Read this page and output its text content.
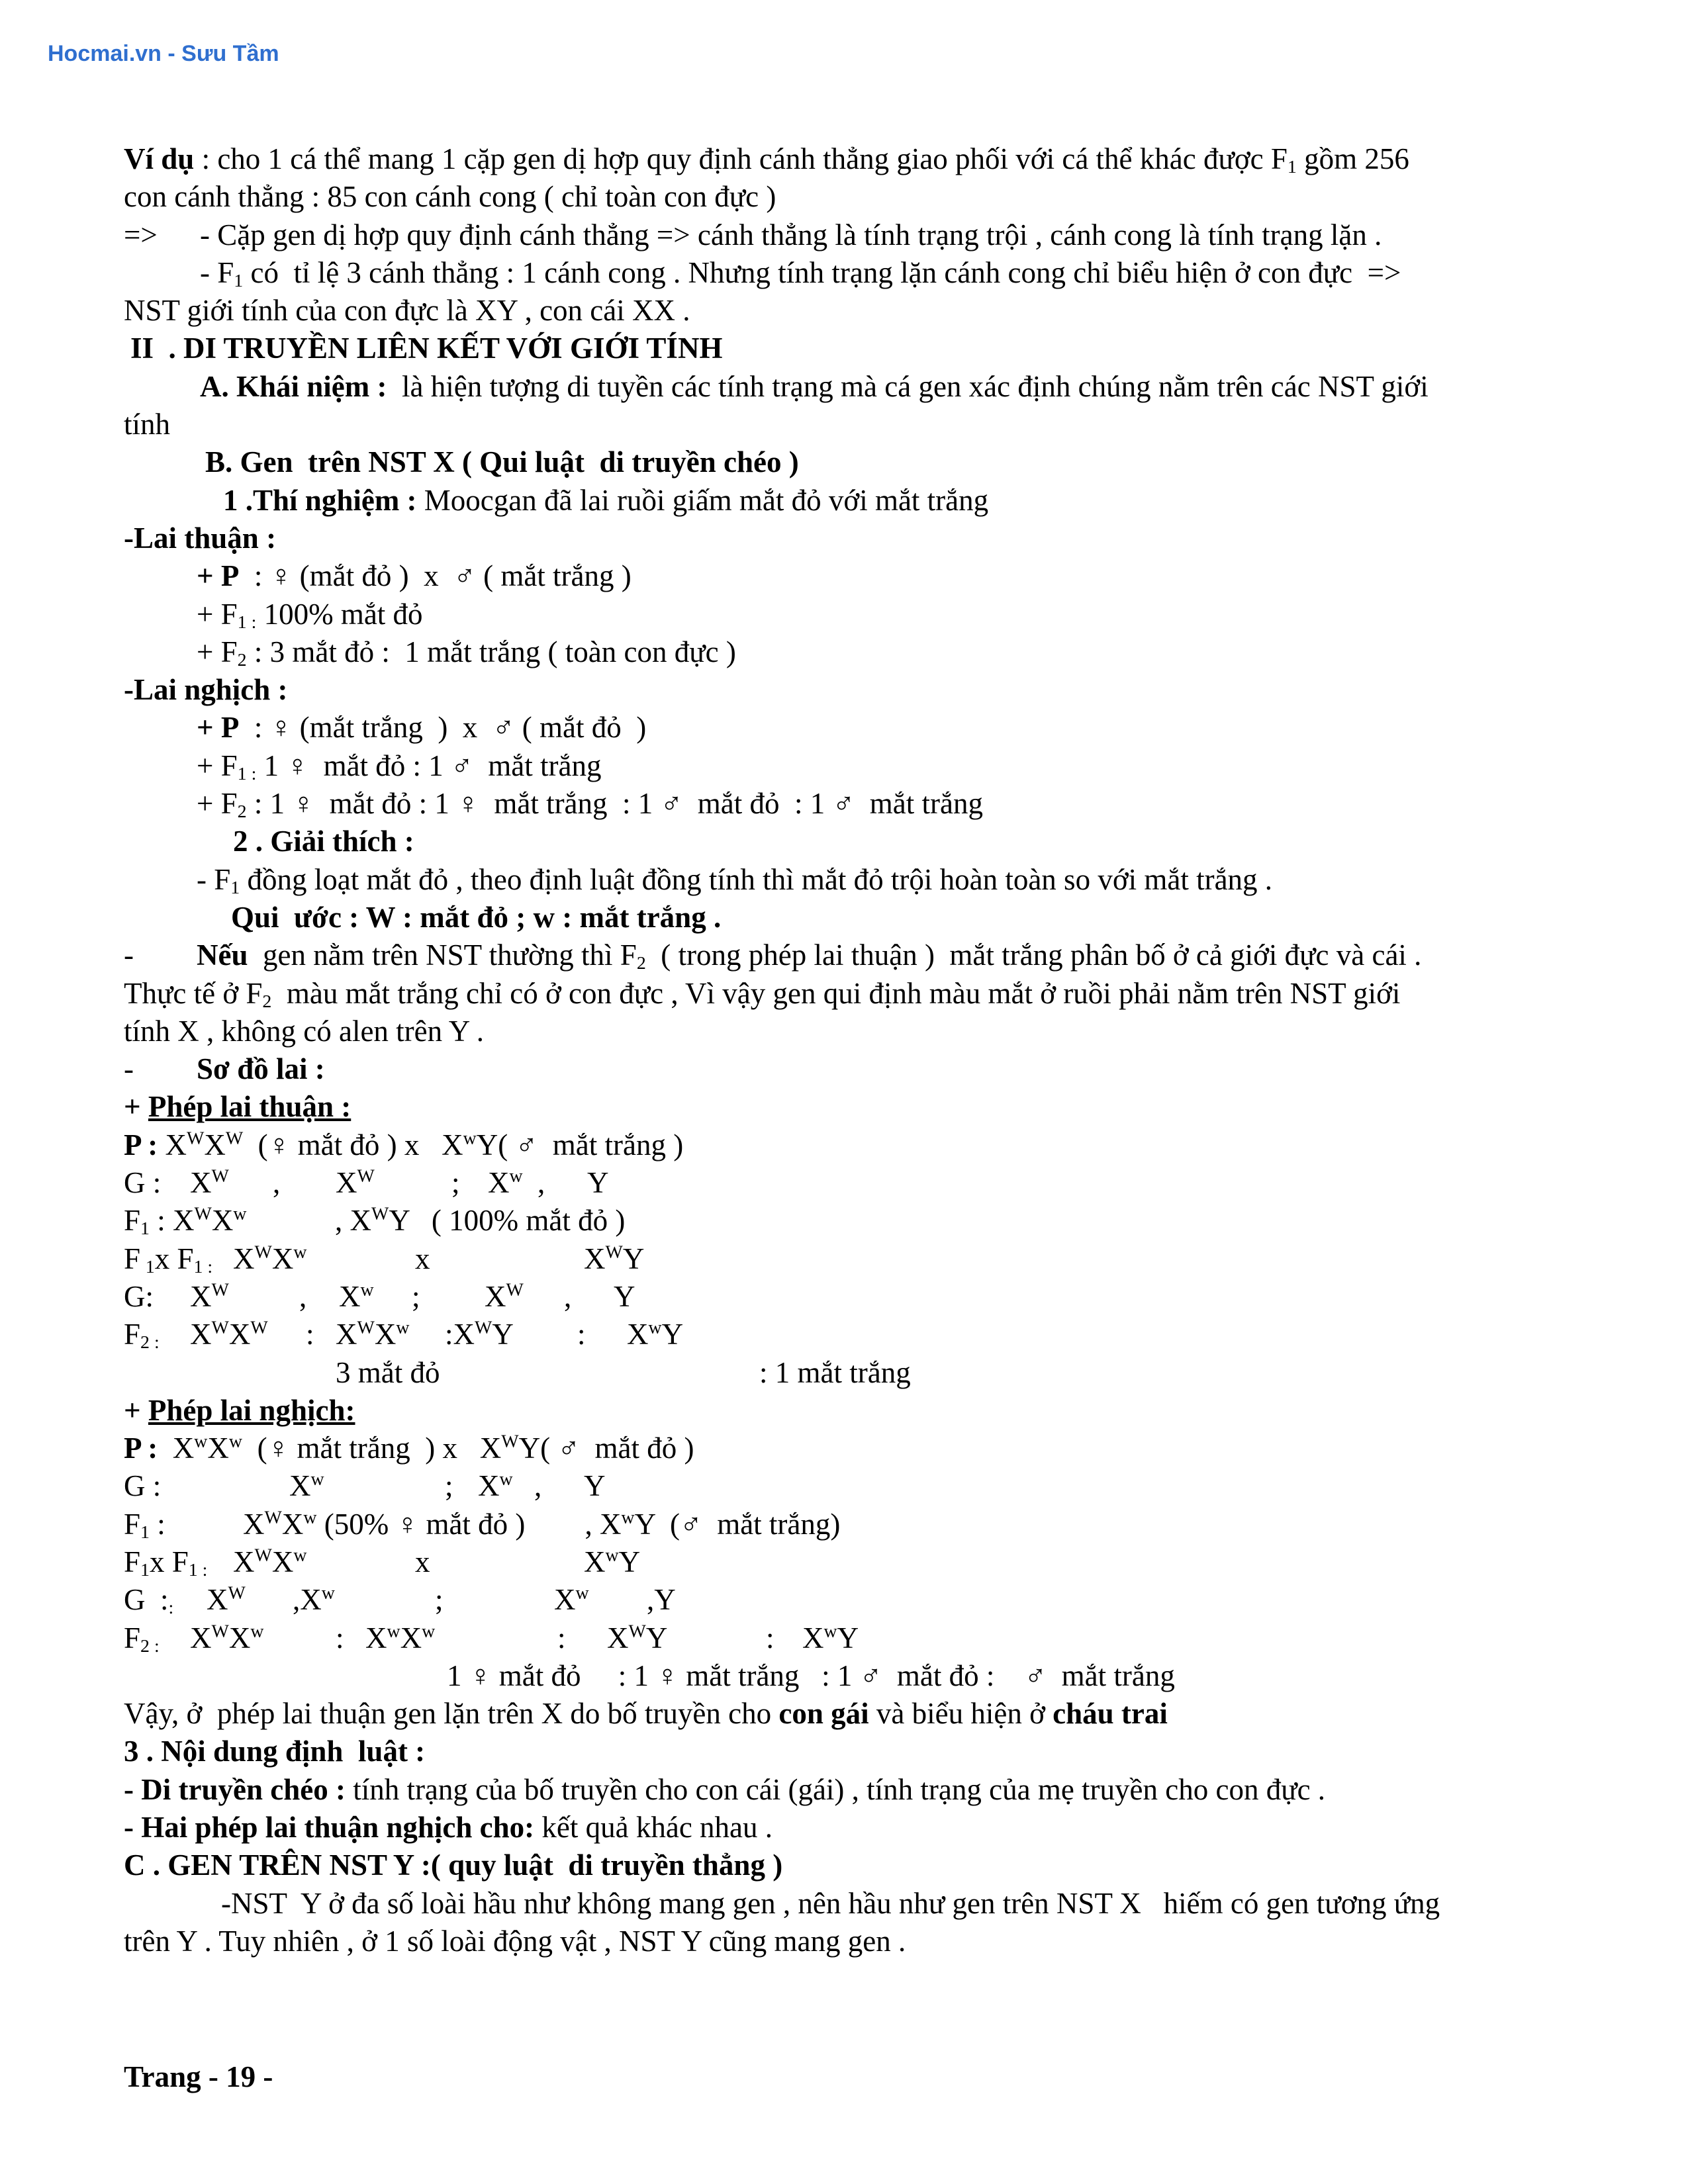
Hocmai.vn - Sưu Tầm
Ví dụ : cho 1 cá thể mang 1 cặp gen dị hợp quy định cánh thẳng giao phối với cá thể khác được $F_1$ gồm 256
con cánh thẳng : 85 con cánh cong ( chỉ toàn con đực )
=> - Cặp gen dị hợp quy định cánh thẳng => cánh thẳng là tính trạng trội , cánh cong là tính trạng lặn .
- $F_1$ có  tỉ lệ 3 cánh thẳng : 1 cánh cong . Nhưng tính trạng lặn cánh cong chỉ biểu hiện ở con đực  =>
NST giới tính của con đực là XY , con cái XX .
II  . DI TRUYỀN LIÊN KẾT VỚI GIỚI TÍNH
A. Khái niệm :  là hiện tượng di tuyền các tính trạng mà cá gen xác định chúng nằm trên các NST giới
tính
B. Gen  trên NST X ( Qui luật  di truyền chéo )
1 .Thí nghiệm : Moocgan đã lai ruồi giấm mắt đỏ với mắt trắng
-Lai thuận :
+ P  : ♀ (mắt đỏ )  x  ♂ ( mắt trắng )
+ $F_{1 :}$ 100% mắt đỏ
+ $F_2$ : 3 mắt đỏ :  1 mắt trắng ( toàn con đực )
-Lai nghịch :
+ P  : ♀ (mắt trắng  )  x  ♂ ( mắt đỏ  )
+ $F_{1 :}$ 1 ♀  mắt đỏ : 1 ♂  mắt trắng
+ $F_2$ : 1 ♀  mắt đỏ : 1 ♀  mắt trắng  : 1 ♂  mắt đỏ  : 1 ♂  mắt trắng
2 . Giải thích :
- $F_1$ đồng loạt mắt đỏ , theo định luật đồng tính thì mắt đỏ trội hoàn toàn so với mắt trắng .
Qui  ước : W : mắt đỏ ; w : mắt trắng .
- Nếu  gen nằm trên NST thường thì $F_2$  ( trong phép lai thuận )  mắt trắng phân bố ở cả giới đực và cái .
Thực tế ở $F_2$  màu mắt trắng chỉ có ở con đực , Vì vậy gen qui định màu mắt ở ruồi phải nằm trên NST giới
tính X , không có alen trên Y .
- Sơ đồ lai :
+ Phép lai thuận :
P : $X^WX^W$  (♀ mắt đỏ ) x $X^wY$( ♂  mắt trắng )
G : $X^W$ , $X^W$	; $X^w$ , Y
$F_1$ : $X^WX^w$	, $X^WY$   ( 100% mắt đỏ )
F 1x $F_{1 :}$ $X^WX^w$	x	$X^WY$
G: $X^W$ , $X^w$ ; $X^W$ , Y
$F_{2 :}$ $X^WX^W$ : $X^WX^w$ $:X^WY$ : $X^wY$
3 mắt đỏ	: 1 mắt trắng
+ Phép lai nghịch:
P : $X^wX^w$  (♀ mắt trắng  ) x $X^WY$( ♂  mắt đỏ )
G :	$X^w$	; $X^w$ , Y
$F_1$ :	$X^WX^w$ (50% ♀ mắt đỏ ) , $X^wY$  (♂  mắt trắng)
F1x $F_{1 :}$ $X^WX^w$	x	$X^wY$
G  $:_:$ $X^W$ $,X^w$	;	$X^w$ ,Y
$F_{2 :}$ $X^WX^w$ : $X^wX^w$	: $X^WY$	: $X^wY$
1 ♀ mắt đỏ     : 1 ♀ mắt trắng   : 1 ♂  mắt đỏ :    ♂  mắt trắng
Vậy, ở  phép lai thuận gen lặn trên X do bố truyền cho con gái và biểu hiện ở cháu trai
3 . Nội dung định  luật :
- Di truyền chéo : tính trạng của bố truyền cho con cái (gái) , tính trạng của mẹ truyền cho con đực .
- Hai phép lai thuận nghịch cho: kết quả khác nhau .
C . GEN TRÊN NST Y :( quy luật  di truyền thẳng )
-NST  Y ở đa số loài hầu như không mang gen , nên hầu như gen trên NST X   hiếm có gen tương ứng
trên Y . Tuy nhiên , ở 1 số loài động vật , NST Y cũng mang gen .
Trang - 19 -
